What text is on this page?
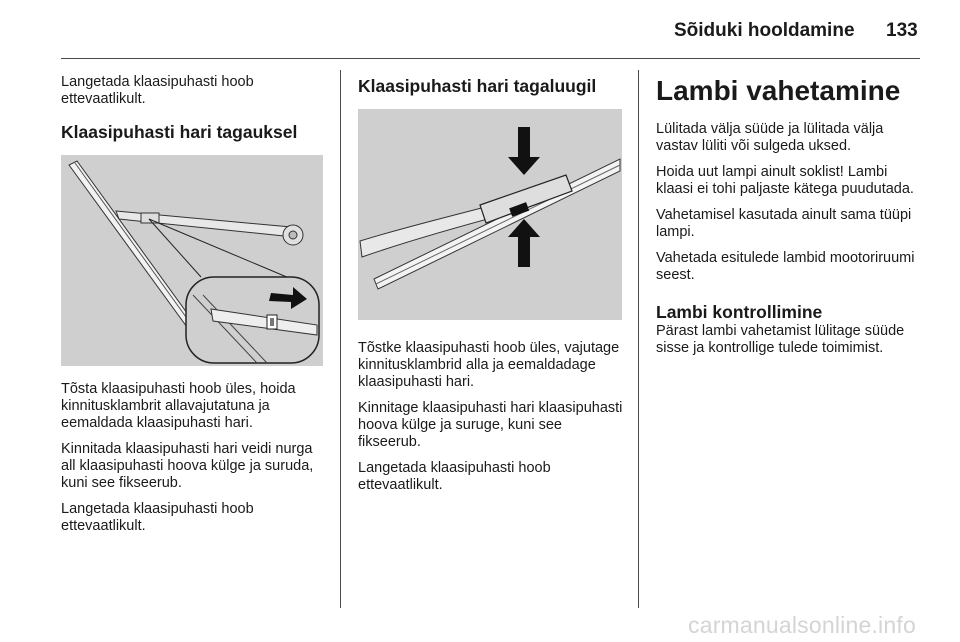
Sõiduki hooldamine 133

Langetada klaasipuhasti hoob ettevaatlikult.

Klaasipuhasti hari tagauksel

Tõsta klaasipuhasti hoob üles, hoida kinnitusklambrit allavajutatuna ja eemaldada klaasipuhasti hari.

Kinnitada klaasipuhasti hari veidi nurga all klaasipuhasti hoova külge ja suruda, kuni see fikseerub.

Langetada klaasipuhasti hoob ettevaatlikult.

Klaasipuhasti hari tagaluugil

Tõstke klaasipuhasti hoob üles, vajutage kinnitusklambrid alla ja eemaldadage klaasipuhasti hari.

Kinnitage klaasipuhasti hari klaasipuhasti hoova külge ja suruge, kuni see fikseerub.

Langetada klaasipuhasti hoob ettevaatlikult.

Lambi vahetamine

Lülitada välja süüde ja lülitada välja vastav lüliti või sulgeda uksed.

Hoida uut lampi ainult soklist! Lambi klaasi ei tohi paljaste kätega puudutada.

Vahetamisel kasutada ainult sama tüüpi lampi.

Vahetada esitulede lambid mootoriruumi seest.

Lambi kontrollimine

Pärast lambi vahetamist lülitage süüde sisse ja kontrollige tulede toimimist.

carmanualsonline.info
